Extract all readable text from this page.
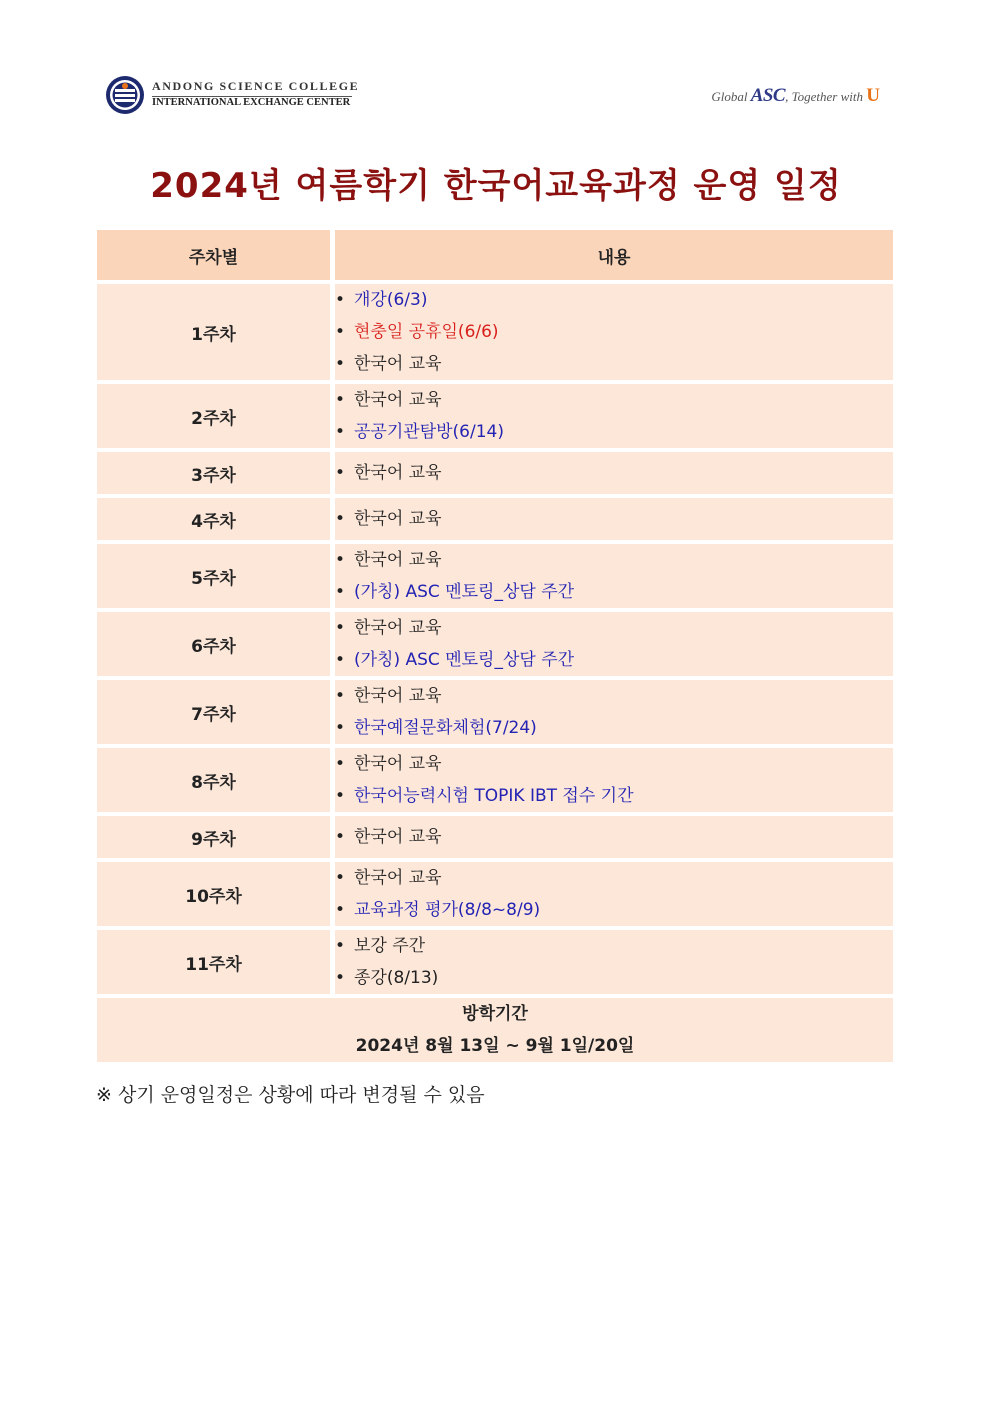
ANDONG SCIENCE COLLEGE
INTERNATIONAL EXCHANGE CENTER	Global ASC, Together with U
2024년 여름학기 한국어교육과정 운영 일정
주차별	내용
1주차	• 개강(6/3)
• 현충일 공휴일(6/6)
• 한국어 교육

2주차	• 한국어 교육
• 공공기관탐방(6/14)

3주차	• 한국어 교육

4주차	• 한국어 교육

5주차	• 한국어 교육
• (가칭) ASC 멘토링_상담 주간

6주차	• 한국어 교육
• (가칭) ASC 멘토링_상담 주간

7주차	• 한국어 교육
• 한국예절문화체험(7/24)

8주차	• 한국어 교육
• 한국어능력시험 TOPIK IBT 접수 기간

9주차	• 한국어 교육

10주차	• 한국어 교육
• 교육과정 평가(8/8~8/9)

11주차	• 보강 주간
• 종강(8/13)

방학기간
2024년 8월 13일 ~ 9월 1일/20일	
※ 상기 운영일정은 상황에 따라 변경될 수 있음
